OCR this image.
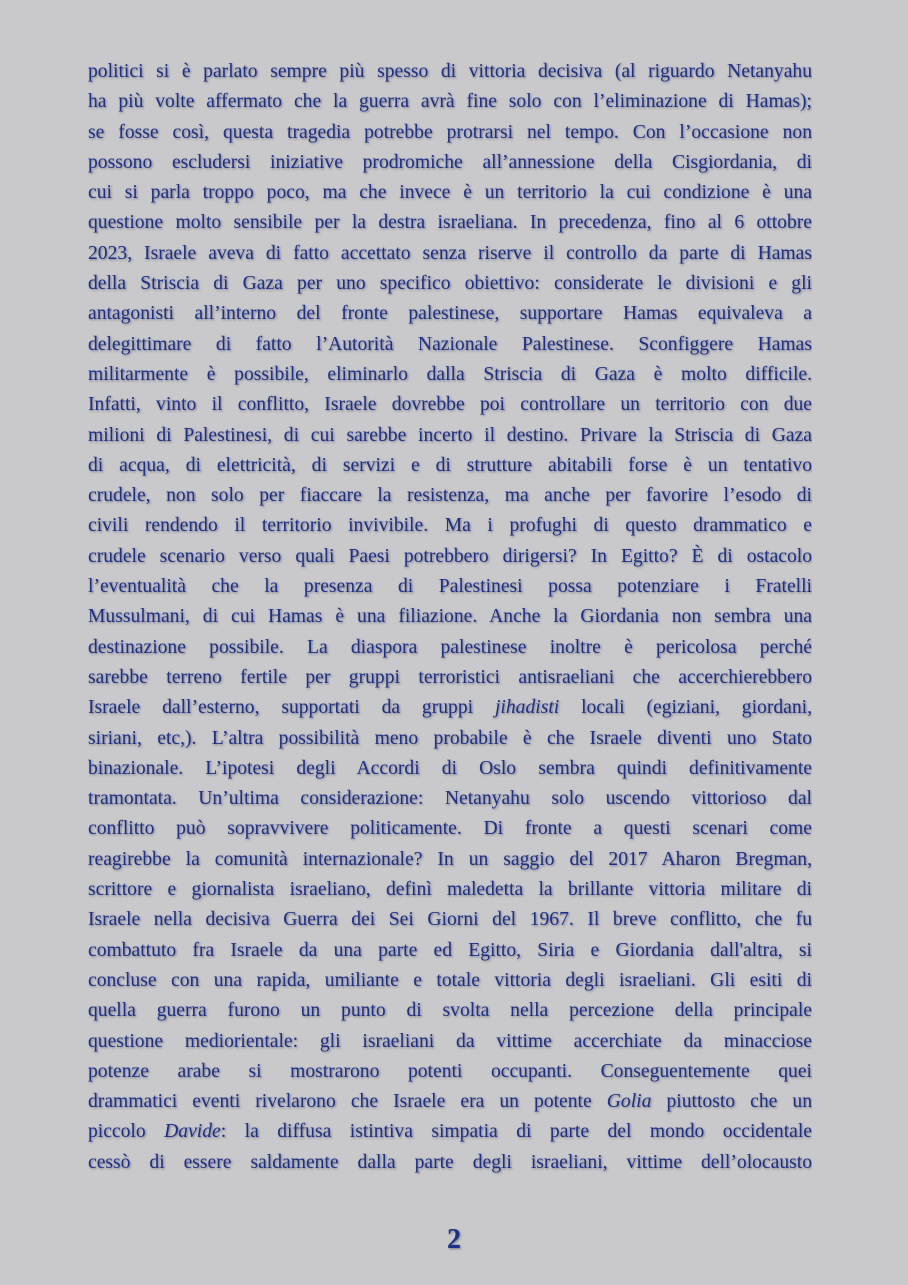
politici si è parlato sempre più spesso di vittoria decisiva (al riguardo Netanyahu
ha più volte affermato che la guerra avrà fine solo con l’eliminazione di Hamas);
se fosse così, questa tragedia potrebbe protrarsi nel tempo. Con l’occasione non
possono escludersi iniziative prodromiche all’annessione della Cisgiordania, di
cui si parla troppo poco, ma che invece è un territorio la cui condizione è una
questione molto sensibile per la destra israeliana. In precedenza, fino al 6 ottobre
2023, Israele aveva di fatto accettato senza riserve il controllo da parte di Hamas
della Striscia di Gaza per uno specifico obiettivo: considerate le divisioni e gli
antagonisti all’interno del fronte palestinese, supportare Hamas equivaleva a
delegittimare di fatto l’Autorità Nazionale Palestinese. Sconfiggere Hamas
militarmente è possibile, eliminarlo dalla Striscia di Gaza è molto difficile.
Infatti, vinto il conflitto, Israele dovrebbe poi controllare un territorio con due
milioni di Palestinesi, di cui sarebbe incerto il destino. Privare la Striscia di Gaza
di acqua, di elettricità, di servizi e di strutture abitabili forse è un tentativo
crudele, non solo per fiaccare la resistenza, ma anche per favorire l’esodo di
civili rendendo il territorio invivibile. Ma i profughi di questo drammatico e
crudele scenario verso quali Paesi potrebbero dirigersi? In Egitto? È di ostacolo
l’eventualità che la presenza di Palestinesi possa potenziare i Fratelli
Mussulmani, di cui Hamas è una filiazione. Anche la Giordania non sembra una
destinazione possibile. La diaspora palestinese inoltre è pericolosa perché
sarebbe terreno fertile per gruppi terroristici antisraeliani che accerchierebbero
Israele dall’esterno, supportati da gruppi jihadisti locali (egiziani, giordani,
siriani, etc,). L’altra possibilità meno probabile è che Israele diventi uno Stato
binazionale. L’ipotesi degli Accordi di Oslo sembra quindi definitivamente
tramontata. Un’ultima considerazione: Netanyahu solo uscendo vittorioso dal
conflitto può sopravvivere politicamente. Di fronte a questi scenari come
reagirebbe la comunità internazionale? In un saggio del 2017 Aharon Bregman,
scrittore e giornalista israeliano, definì maledetta la brillante vittoria militare di
Israele nella decisiva Guerra dei Sei Giorni del 1967. Il breve conflitto, che fu
combattuto fra Israele da una parte ed Egitto, Siria e Giordania dall'altra, si
concluse con una rapida, umiliante e totale vittoria degli israeliani. Gli esiti di
quella guerra furono un punto di svolta nella percezione della principale
questione mediorientale: gli israeliani da vittime accerchiate da minacciose
potenze arabe si mostrarono potenti occupanti. Conseguentemente quei
drammatici eventi rivelarono che Israele era un potente Golia piuttosto che un
piccolo Davide: la diffusa istintiva simpatia di parte del mondo occidentale
cessò di essere saldamente dalla parte degli israeliani, vittime dell’olocausto
2
